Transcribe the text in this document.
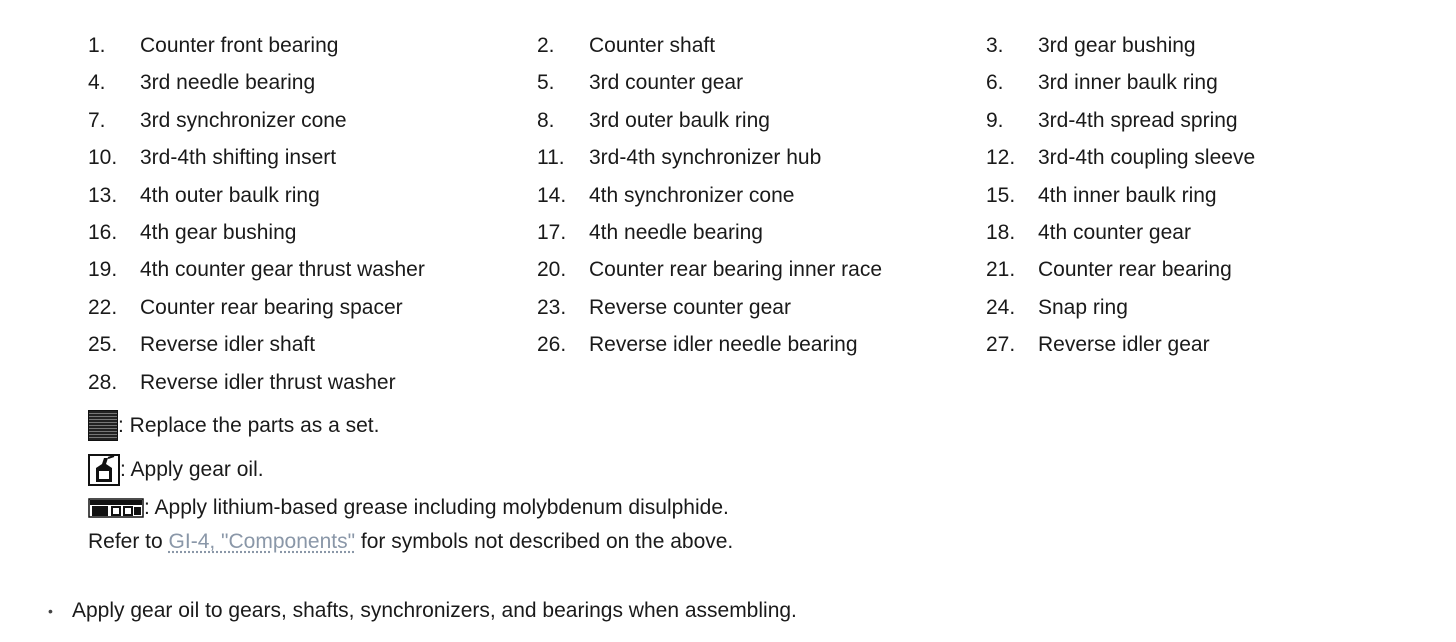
1.	Counter front bearing	2.	Counter shaft	3.	3rd gear bushing
4.	3rd needle bearing	5.	3rd counter gear	6.	3rd inner baulk ring
7.	3rd synchronizer cone	8.	3rd outer baulk ring	9.	3rd-4th spread spring
10.	3rd-4th shifting insert	11.	3rd-4th synchronizer hub	12.	3rd-4th coupling sleeve
13.	4th outer baulk ring	14.	4th synchronizer cone	15.	4th inner baulk ring
16.	4th gear bushing	17.	4th needle bearing	18.	4th counter gear
19.	4th counter gear thrust washer	20.	Counter rear bearing inner race	21.	Counter rear bearing
22.	Counter rear bearing spacer	23.	Reverse counter gear	24.	Snap ring
25.	Reverse idler shaft	26.	Reverse idler needle bearing	27.	Reverse idler gear
28.	Reverse idler thrust washer
: Replace the parts as a set.
: Apply gear oil.
: Apply lithium-based grease including molybdenum disulphide.
Refer to GI-4, "Components" for symbols not described on the above.
• Apply gear oil to gears, shafts, synchronizers, and bearings when assembling.
